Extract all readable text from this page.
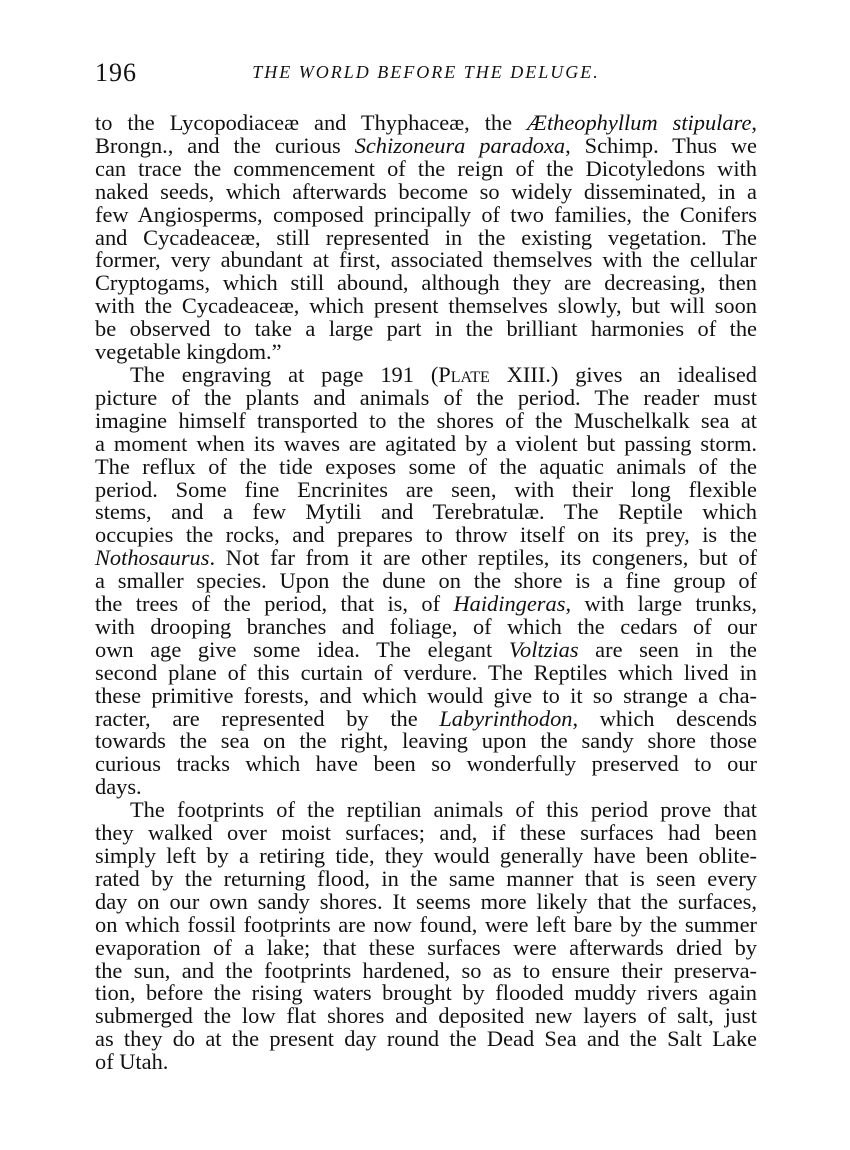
196	THE WORLD BEFORE THE DELUGE.
to the Lycopodiaceæ and Thyphaceæ, the Ætheophyllum stipulare,
Brongn., and the curious Schizoneura paradoxa, Schimp. Thus we
can trace the commencement of the reign of the Dicotyledons with
naked seeds, which afterwards become so widely disseminated, in a
few Angiosperms, composed principally of two families, the Conifers
and Cycadeaceæ, still represented in the existing vegetation. The
former, very abundant at first, associated themselves with the cellular
Cryptogams, which still abound, although they are decreasing, then
with the Cycadeaceæ, which present themselves slowly, but will soon
be observed to take a large part in the brilliant harmonies of the
vegetable kingdom.”
The engraving at page 191 (Plate XIII.) gives an idealised
picture of the plants and animals of the period. The reader must
imagine himself transported to the shores of the Muschelkalk sea at
a moment when its waves are agitated by a violent but passing storm.
The reflux of the tide exposes some of the aquatic animals of the
period. Some fine Encrinites are seen, with their long flexible
stems, and a few Mytili and Terebratulæ. The Reptile which
occupies the rocks, and prepares to throw itself on its prey, is the
Nothosaurus. Not far from it are other reptiles, its congeners, but of
a smaller species. Upon the dune on the shore is a fine group of
the trees of the period, that is, of Haidingeras, with large trunks,
with drooping branches and foliage, of which the cedars of our
own age give some idea. The elegant Voltzias are seen in the
second plane of this curtain of verdure. The Reptiles which lived in
these primitive forests, and which would give to it so strange a cha-
racter, are represented by the Labyrinthodon, which descends
towards the sea on the right, leaving upon the sandy shore those
curious tracks which have been so wonderfully preserved to our
days.
The footprints of the reptilian animals of this period prove that
they walked over moist surfaces; and, if these surfaces had been
simply left by a retiring tide, they would generally have been oblite-
rated by the returning flood, in the same manner that is seen every
day on our own sandy shores. It seems more likely that the surfaces,
on which fossil footprints are now found, were left bare by the summer
evaporation of a lake; that these surfaces were afterwards dried by
the sun, and the footprints hardened, so as to ensure their preserva-
tion, before the rising waters brought by flooded muddy rivers again
submerged the low flat shores and deposited new layers of salt, just
as they do at the present day round the Dead Sea and the Salt Lake
of Utah.
